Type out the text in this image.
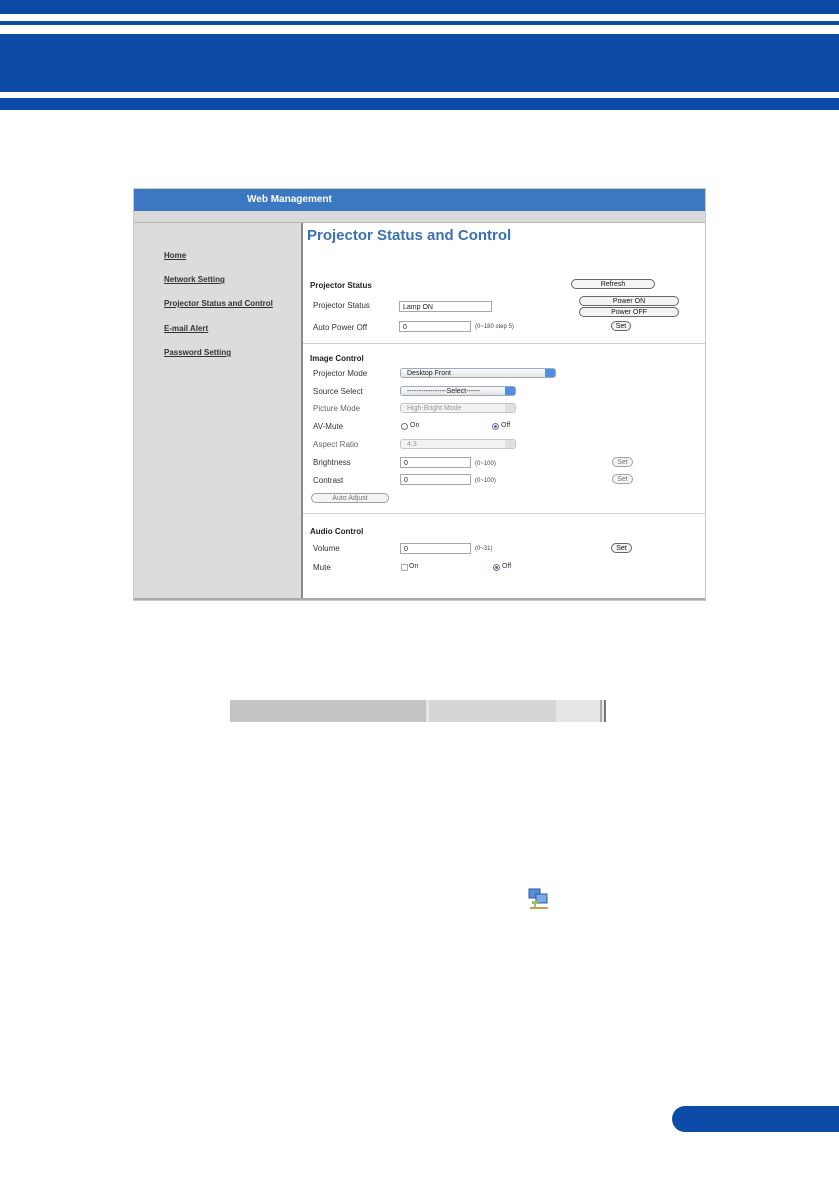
Web Management
Home
Network Setting
Projector Status and Control
E-mail Alert
Password Setting
Projector Status and Control
Projector Status	Refresh
Projector Status	Lamp ON
Power ON
Power OFF
Auto Power Off	0	(0~180 step 5)	Set
Image Control
Projector Mode	Desktop Front
Source Select	-----------------Select------
Picture Mode	High-Bright Mode
AV-Mute	On	Off
Aspect Ratio	4:3
Brightness	0	(0~100)	Set
Contrast	0	(0~100)	Set
Auto Adjust
Audio Control
Volume	0	(0~31)	Set
Mute	On	Off
